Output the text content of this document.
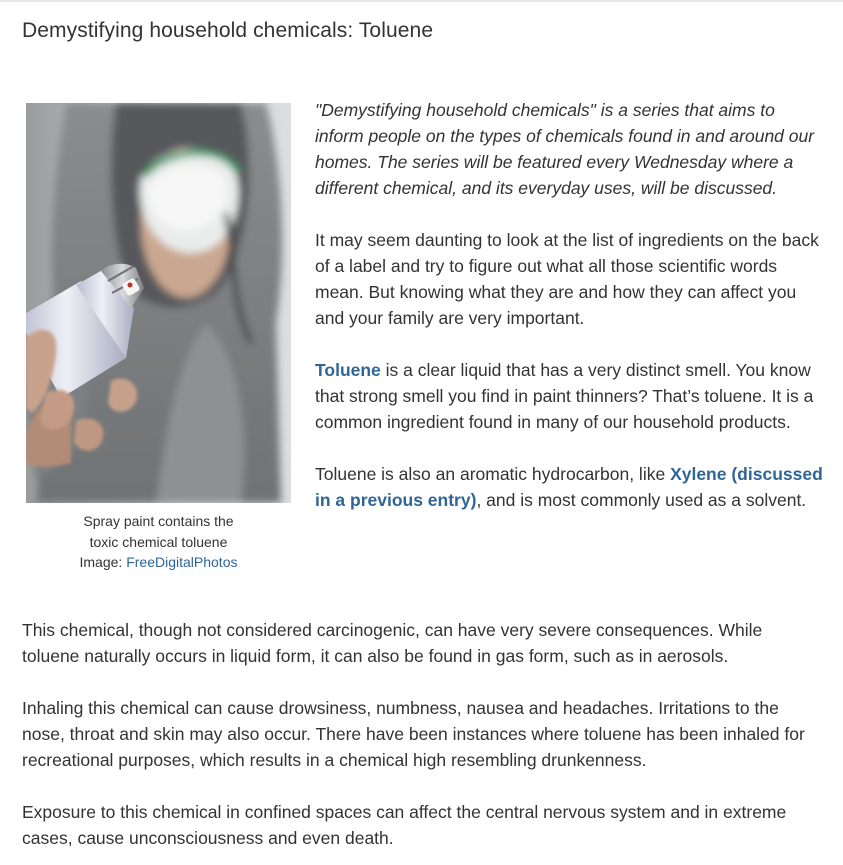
Demystifying household chemicals: Toluene
Spray paint contains the
toxic chemical toluene
Image: FreeDigitalPhotos

"Demystifying household chemicals" is a series that aims to inform people on the types of chemicals found in and around our homes. The series will be featured every Wednesday where a different chemical, and its everyday uses, will be discussed.

It may seem daunting to look at the list of ingredients on the back of a label and try to figure out what all those scientific words mean. But knowing what they are and how they can affect you and your family are very important.

Toluene is a clear liquid that has a very distinct smell. You know that strong smell you find in paint thinners? That’s toluene. It is a common ingredient found in many of our household products.

Toluene is also an aromatic hydrocarbon, like Xylene (discussed in a previous entry), and is most commonly used as a solvent.

This chemical, though not considered carcinogenic, can have very severe consequences. While toluene naturally occurs in liquid form, it can also be found in gas form, such as in aerosols.

Inhaling this chemical can cause drowsiness, numbness, nausea and headaches. Irritations to the nose, throat and skin may also occur. There have been instances where toluene has been inhaled for recreational purposes, which results in a chemical high resembling drunkenness.

Exposure to this chemical in confined spaces can affect the central nervous system and in extreme cases, cause unconsciousness and even death.
